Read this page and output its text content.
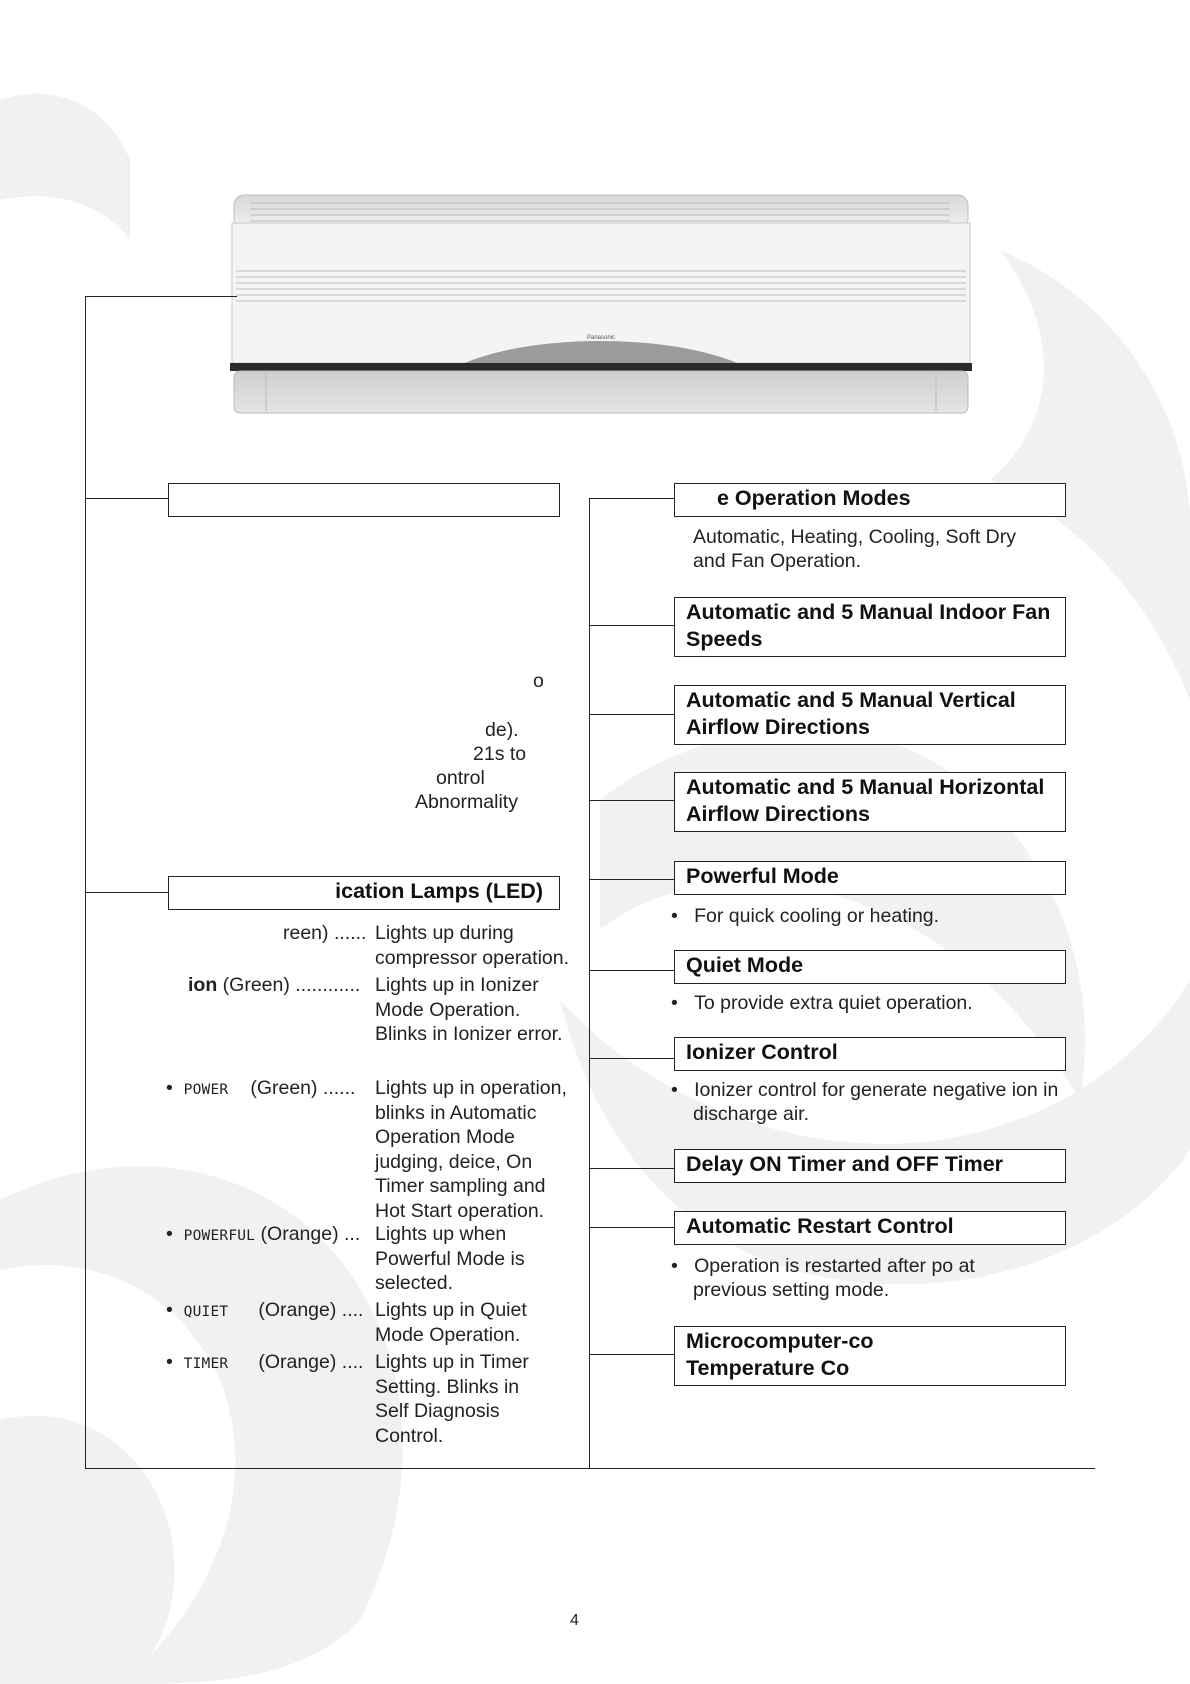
Panasonic
o
de).
21s to
ontrol
Abnormality
ication Lamps (LED)
reen) ...... Lights up during compressor operation.
ion (Green) ............ Lights up in Ionizer Mode Operation. Blinks in Ionizer error.
•  POWER (Green) ...... Lights up in operation, blinks in Automatic Operation Mode judging, deice, On Timer sampling and Hot Start operation.
•  POWERFUL (Orange) ... Lights up when Powerful Mode is selected.
•  QUIET (Orange) .... Lights up in Quiet Mode Operation.
•  TIMER (Orange) .... Lights up in Timer Setting. Blinks in Self Diagnosis Control.
e Operation Modes
Automatic, Heating, Cooling, Soft Dry and Fan Operation.
Automatic and 5 Manual Indoor Fan Speeds
Automatic and 5 Manual Vertical Airflow Directions
Automatic and 5 Manual Horizontal Airflow Directions
Powerful Mode
•   For quick cooling or heating.
Quiet Mode
•   To provide extra quiet operation.
Ionizer Control
•   Ionizer control for generate negative ion in discharge air.
Delay ON Timer and OFF Timer
Automatic Restart Control
•   Operation is restarted after po at previous setting mode.
Microcomputer-co
Temperature Co
4
